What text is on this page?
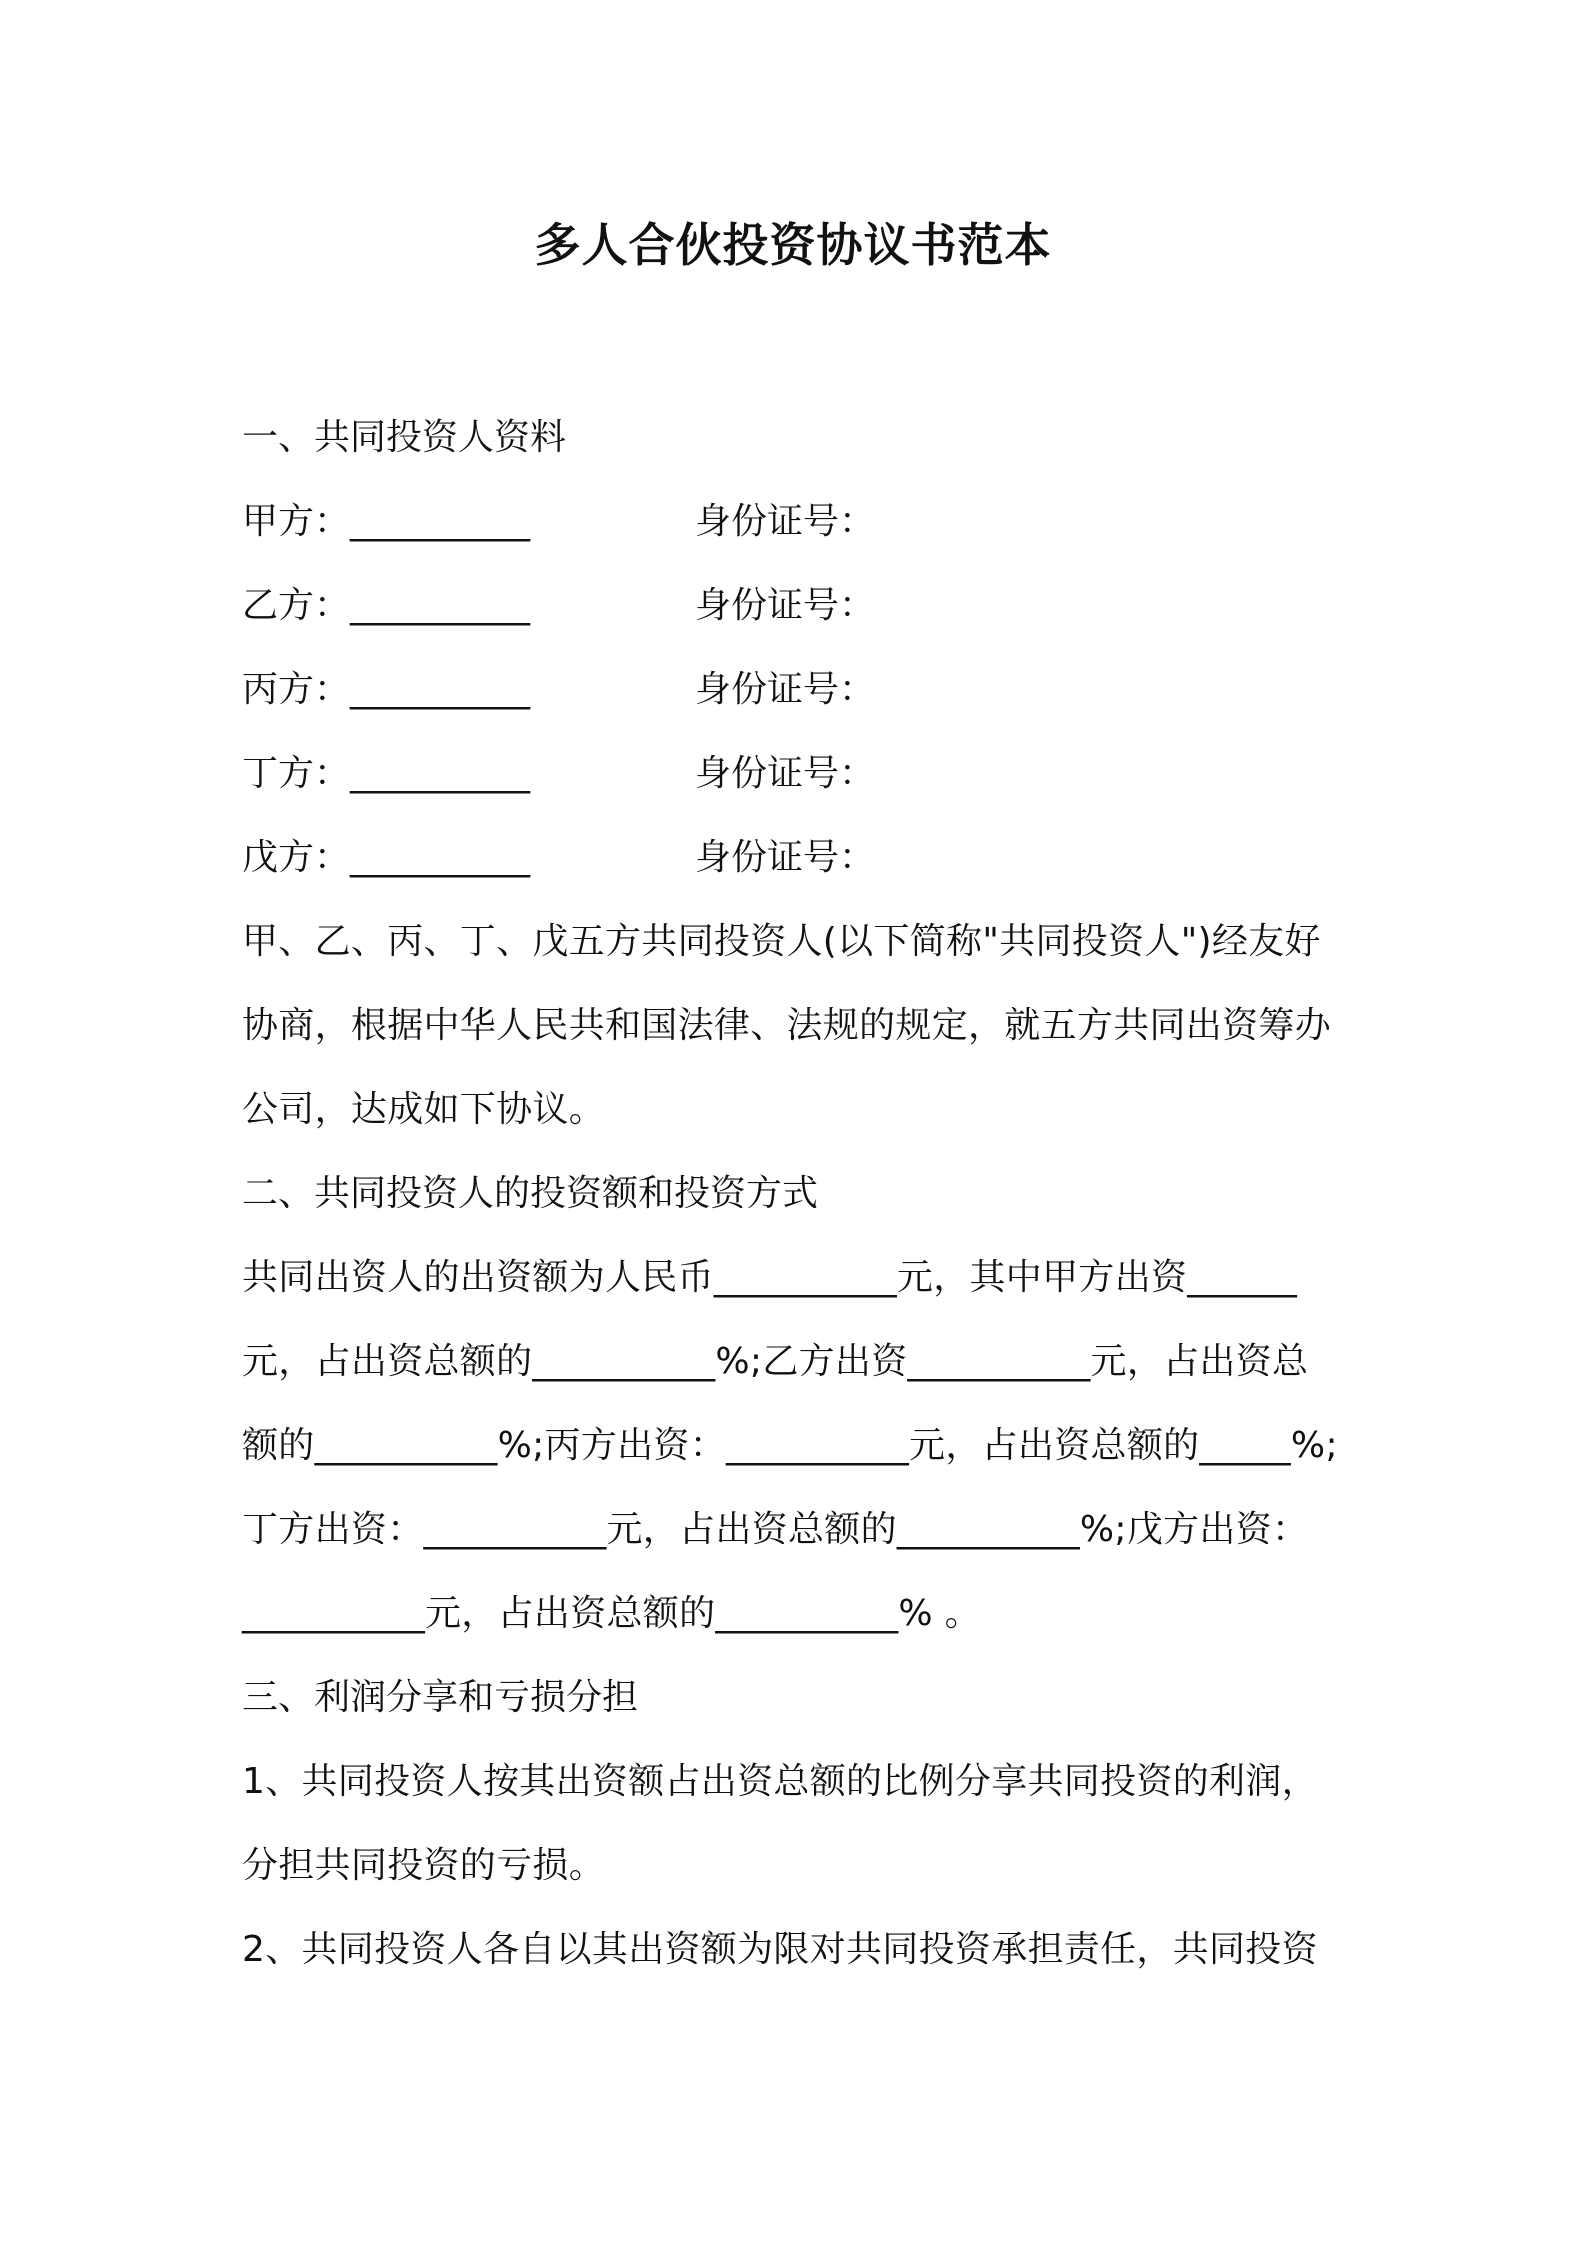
多人合伙投资协议书范本
一、共同投资人资料
甲方：__________	身份证号：
乙方：__________	身份证号：
丙方：__________	身份证号：
丁方：__________	身份证号：
戊方：__________	身份证号：
甲、乙、丙、丁、戊五方共同投资人(以下简称"共同投资人")经友好
协商，根据中华人民共和国法律、法规的规定，就五方共同出资筹办
公司，达成如下协议。
二、共同投资人的投资额和投资方式
共同出资人的出资额为人民币__________元，其中甲方出资______
元，占出资总额的__________%;乙方出资__________元，占出资总
额的__________%;丙方出资：__________元，占出资总额的_____%;
丁方出资：__________元，占出资总额的__________%;戊方出资：
__________元，占出资总额的__________% 。
三、利润分享和亏损分担
1、共同投资人按其出资额占出资总额的比例分享共同投资的利润，
分担共同投资的亏损。
2、共同投资人各自以其出资额为限对共同投资承担责任，共同投资
